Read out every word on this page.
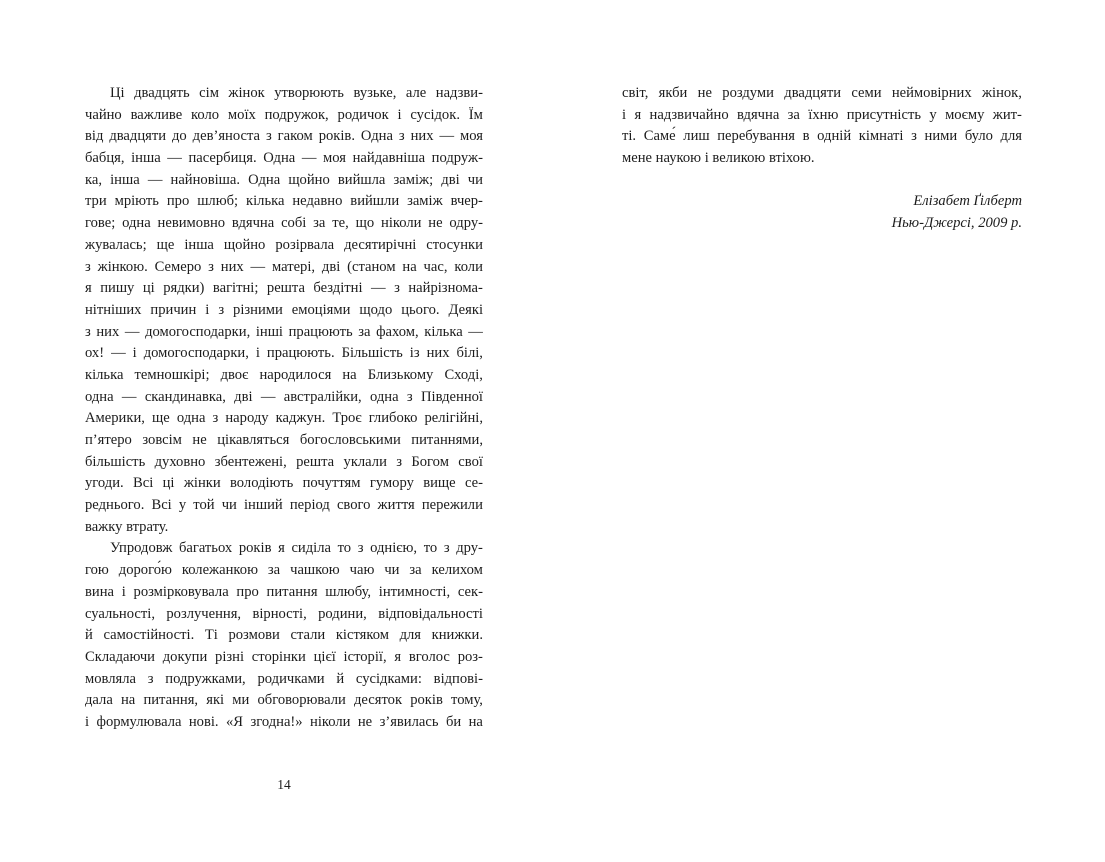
Ці двадцять сім жінок утворюють вузьке, але надзви-
чайно важливе коло моїх подружок, родичок і сусідок. Їм
від двадцяти до дев’яноста з гаком років. Одна з них — моя
бабця, інша — пасербиця. Одна — моя найдавніша подруж-
ка, інша — найновіша. Одна щойно вийшла заміж; дві чи
три мріють про шлюб; кілька недавно вийшли заміж вчер-
гове; одна невимовно вдячна собі за те, що ніколи не одру-
жувалась; ще інша щойно розірвала десятирічні стосунки
з жінкою. Семеро з них — матері, дві (станом на час, коли
я пишу ці рядки) вагітні; решта бездітні — з найрізнома-
нітніших причин і з різними емоціями щодо цього. Деякі
з них — домогосподарки, інші працюють за фахом, кілька —
ох! — і домогосподарки, і працюють. Більшість із них білі,
кілька темношкірі; двоє народилося на Близькому Сході,
одна — скандинавка, дві — австралійки, одна з Південної
Америки, ще одна з народу каджун. Троє глибоко релігійні,
п’ятеро зовсім не цікавляться богословськими питаннями,
більшість духовно збентежені, решта уклали з Богом свої
угоди. Всі ці жінки володіють почуттям гумору вище се-
реднього. Всі у той чи інший період свого життя пережили
важку втрату.
Упродовж багатьох років я сиділа то з однією, то з дру-
гою дорого́ю колежанкою за чашкою чаю чи за келихом
вина і розмірковувала про питання шлюбу, інтимності, сек-
суальності, розлучення, вірності, родини, відповідальності
й самостійності. Ті розмови стали кістяком для книжки.
Складаючи докупи різні сторінки цієї історії, я вголос роз-
мовляла з подружками, родичками й сусідками: відпові-
дала на питання, які ми обговорювали десяток років тому,
і формулювала нові. «Я згодна!» ніколи не з’явилась би на
14
світ, якби не роздуми двадцяти семи неймовірних жінок,
і я надзвичайно вдячна за їхню присутність у моєму жит-
ті. Саме́ лиш перебування в одній кімнаті з ними було для
мене наукою і великою втіхою.
Елізабет Ґілберт
Нью-Джерсі, 2009 р.
